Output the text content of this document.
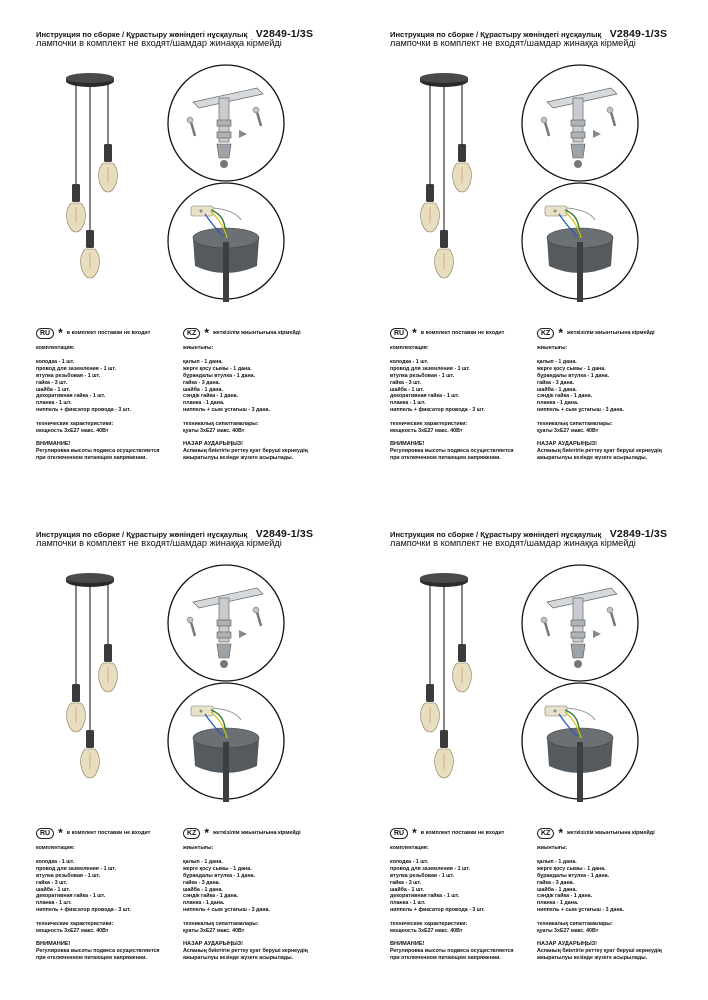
Инструкция по сборке / Құрастыру жөніндегі нұсқаулық V2849-1/3S
лампочки в комплект не входят/шамдар жинаққа кірмейді
RU * в комплект поставки не входит
комплектация:
колодка - 1 шт.
провод для заземления - 1 шт.
втулка резьбовая - 1 шт.
гайка - 3 шт.
шайба - 1 шт.
декоративная гайка - 1 шт.
планка - 1 шт.
ниппель + фиксатор провода - 3 шт.
технические характеристики:
мощность 3хЕ27 макс. 40Вт
ВНИМАНИЕ!
Регулировка высоты подвеса осуществляется
при отключенном питающем напряжении.
KZ * жеткізілім жиынтығына кірмейді
жиынтығы:
қалып - 1 дана.
жерге қосу сымы - 1 дана.
бұрандалы втулка - 1 дана.
гайка - 3 дана.
шайба - 1 дана.
сәндік гайка - 1 дана.
планка - 1 дана.
ниппель + сым ұстағыш - 3 дана.
техникалық сипаттамалары:
қуаты 3хЕ27 макс. 40Вт
НАЗАР АУДАРЫҢЫЗ!
Аспаның биіктігін реттеу қуат беруші кернеудің
ажыратылуы кезінде жүзеге асырылады.
Инструкция по сборке / Құрастыру жөніндегі нұсқаулық V2849-1/3S
лампочки в комплект не входят/шамдар жинаққа кірмейді
RU * в комплект поставки не входит
комплектация:
колодка - 1 шт.
провод для заземления - 1 шт.
втулка резьбовая - 1 шт.
гайка - 3 шт.
шайба - 1 шт.
декоративная гайка - 1 шт.
планка - 1 шт.
ниппель + фиксатор провода - 3 шт.
технические характеристики:
мощность 3хЕ27 макс. 40Вт
ВНИМАНИЕ!
Регулировка высоты подвеса осуществляется
при отключенном питающем напряжении.
KZ * жеткізілім жиынтығына кірмейді
жиынтығы:
қалып - 1 дана.
жерге қосу сымы - 1 дана.
бұрандалы втулка - 1 дана.
гайка - 3 дана.
шайба - 1 дана.
сәндік гайка - 1 дана.
планка - 1 дана.
ниппель + сым ұстағыш - 3 дана.
техникалық сипаттамалары:
қуаты 3хЕ27 макс. 40Вт
НАЗАР АУДАРЫҢЫЗ!
Аспаның биіктігін реттеу қуат беруші кернеудің
ажыратылуы кезінде жүзеге асырылады.
Инструкция по сборке / Құрастыру жөніндегі нұсқаулық V2849-1/3S
лампочки в комплект не входят/шамдар жинаққа кірмейді
RU * в комплект поставки не входит
комплектация:
колодка - 1 шт.
провод для заземления - 1 шт.
втулка резьбовая - 1 шт.
гайка - 3 шт.
шайба - 1 шт.
декоративная гайка - 1 шт.
планка - 1 шт.
ниппель + фиксатор провода - 3 шт.
технические характеристики:
мощность 3хЕ27 макс. 40Вт
ВНИМАНИЕ!
Регулировка высоты подвеса осуществляется
при отключенном питающем напряжении.
KZ * жеткізілім жиынтығына кірмейді
жиынтығы:
қалып - 1 дана.
жерге қосу сымы - 1 дана.
бұрандалы втулка - 1 дана.
гайка - 3 дана.
шайба - 1 дана.
сәндік гайка - 1 дана.
планка - 1 дана.
ниппель + сым ұстағыш - 3 дана.
техникалық сипаттамалары:
қуаты 3хЕ27 макс. 40Вт
НАЗАР АУДАРЫҢЫЗ!
Аспаның биіктігін реттеу қуат беруші кернеудің
ажыратылуы кезінде жүзеге асырылады.
Инструкция по сборке / Құрастыру жөніндегі нұсқаулық V2849-1/3S
лампочки в комплект не входят/шамдар жинаққа кірмейді
RU * в комплект поставки не входит
комплектация:
колодка - 1 шт.
провод для заземления - 1 шт.
втулка резьбовая - 1 шт.
гайка - 3 шт.
шайба - 1 шт.
декоративная гайка - 1 шт.
планка - 1 шт.
ниппель + фиксатор провода - 3 шт.
технические характеристики:
мощность 3хЕ27 макс. 40Вт
ВНИМАНИЕ!
Регулировка высоты подвеса осуществляется
при отключенном питающем напряжении.
KZ * жеткізілім жиынтығына кірмейді
жиынтығы:
қалып - 1 дана.
жерге қосу сымы - 1 дана.
бұрандалы втулка - 1 дана.
гайка - 3 дана.
шайба - 1 дана.
сәндік гайка - 1 дана.
планка - 1 дана.
ниппель + сым ұстағыш - 3 дана.
техникалық сипаттамалары:
қуаты 3хЕ27 макс. 40Вт
НАЗАР АУДАРЫҢЫЗ!
Аспаның биіктігін реттеу қуат беруші кернеудің
ажыратылуы кезінде жүзеге асырылады.
